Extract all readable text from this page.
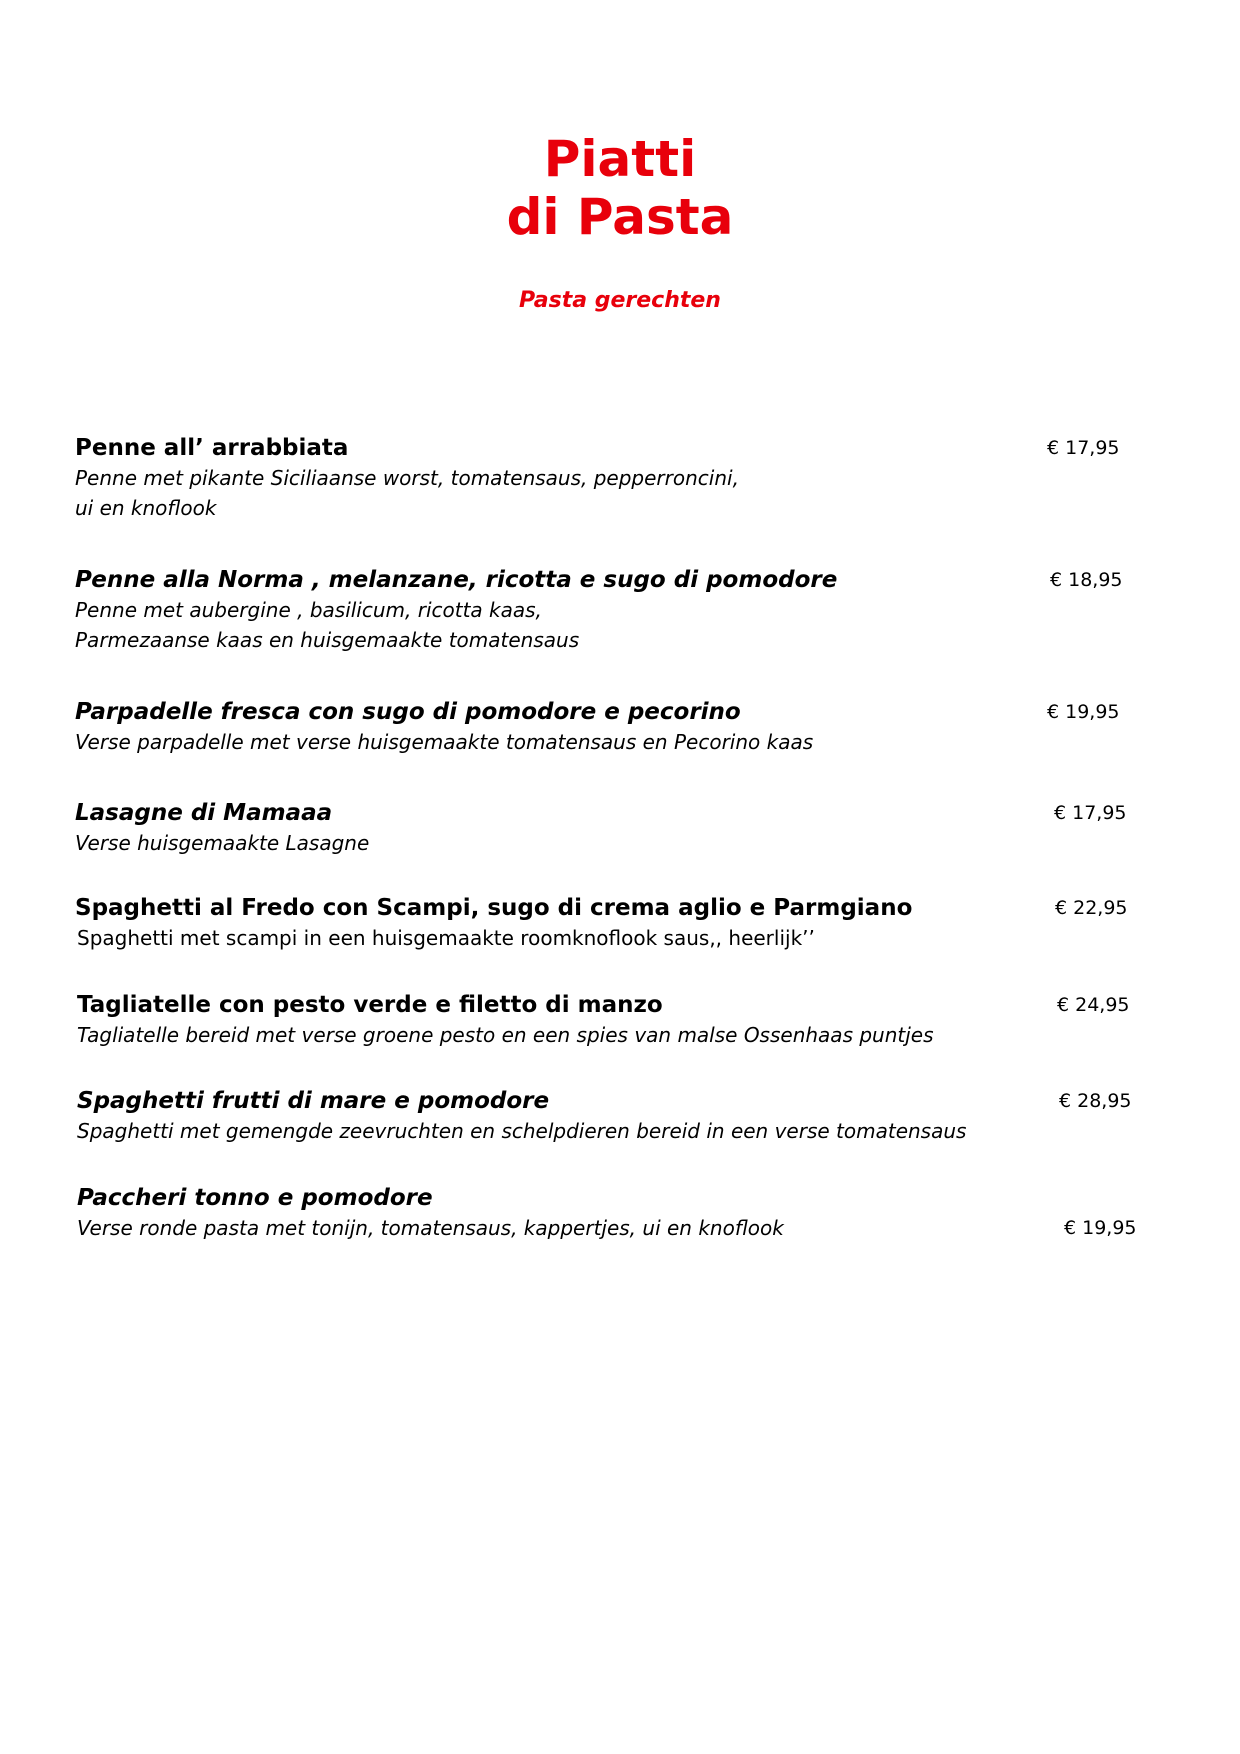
Piatti
di Pasta
Pasta gerechten
Penne all’ arrabbiata
Penne met pikante Siciliaanse worst, tomatensaus, pepperroncini,
ui en knoflook
€ 17,95
Penne alla Norma , melanzane, ricotta e sugo di pomodore
Penne met aubergine , basilicum, ricotta kaas,
Parmezaanse kaas en huisgemaakte tomatensaus
€ 18,95
Parpadelle fresca con sugo di pomodore e pecorino
Verse parpadelle met verse huisgemaakte tomatensaus en Pecorino kaas
€ 19,95
Lasagne di Mamaaa
Verse huisgemaakte Lasagne
€ 17,95
Spaghetti al Fredo con Scampi, sugo di crema aglio e Parmgiano
Spaghetti met scampi in een huisgemaakte roomknoflook saus,, heerlijk’’
€ 22,95
Tagliatelle con pesto verde e filetto di manzo
Tagliatelle bereid met verse groene pesto en een spies van malse Ossenhaas puntjes
€ 24,95
Spaghetti frutti di mare e pomodore
Spaghetti met gemengde zeevruchten en schelpdieren bereid in een verse tomatensaus
€ 28,95
Paccheri tonno e pomodore
Verse ronde pasta met tonijn, tomatensaus, kappertjes, ui en knoflook	€ 19,95
